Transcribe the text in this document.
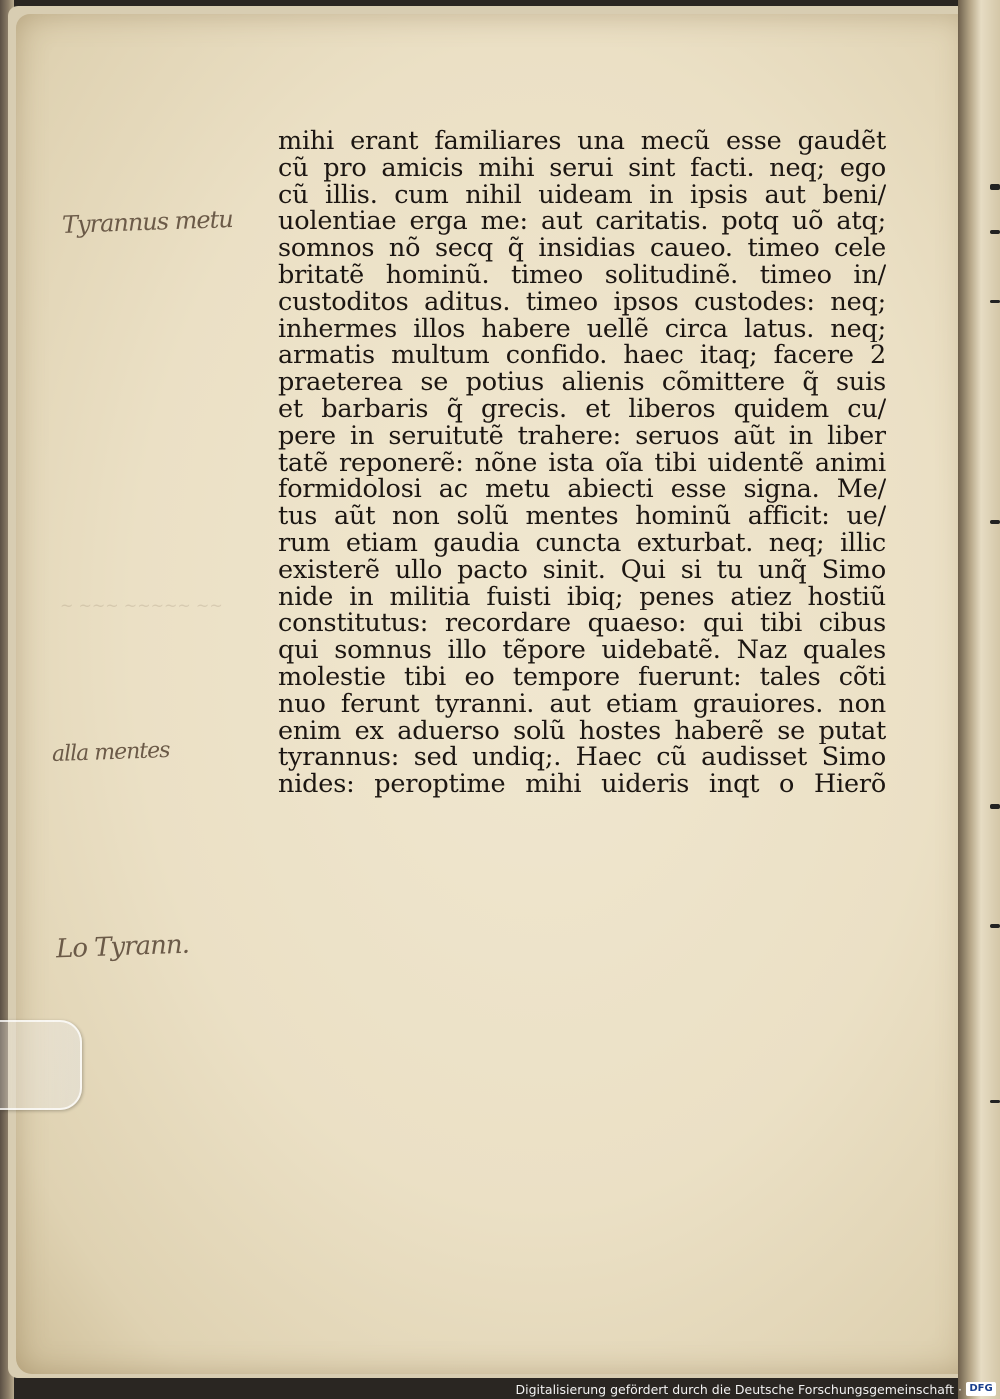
~ ~~~ ~~~~~ ~~
mihi erant familiares una mecũ esse gaudẽt
cũ pro amicis mihi serui sint facti. neq; ego
cũ illis. cum nihil uideam in ipsis aut beni/
uolentiae erga me: aut caritatis. potq uõ atq;
somnos nõ secq q̃ insidias caueo. timeo cele
britatẽ hominũ. timeo solitudinẽ. timeo in/
custoditos aditus. timeo ipsos custodes: neq;
inhermes illos habere uellẽ circa latus. neq;
armatis multum confido. haec itaq; facere 2
praeterea se potius alienis cõmittere q̃ suis
et barbaris q̃ grecis. et liberos quidem cu/
pere in seruitutẽ trahere: seruos aũt in liber
tatẽ reponerẽ: nõne ista oĩa tibi uidentẽ animi
formidolosi ac metu abiecti esse signa. Me/
tus aũt non solũ mentes hominũ afficit: ue/
rum etiam gaudia cuncta exturbat. neq; illic
existerẽ ullo pacto sinit. Qui si tu unq̃ Simo
nide in militia fuisti ibiq; penes atiez hostiũ
constitutus: recordare quaeso: qui tibi cibus
qui somnus illo tẽpore uidebatẽ. Naz quales
molestie tibi eo tempore fuerunt: tales cõti
nuo ferunt tyranni. aut etiam grauiores. non
enim ex aduerso solũ hostes haberẽ se putat
tyrannus: sed undiq;. Haec cũ audisset Simo
nides: peroptime mihi uideris inqt o Hierõ
Tyrannus metu
alla mentes
Lo Tyrann.
Digitalisierung gefördert durch die Deutsche Forschungsgemeinschaft · DFG
